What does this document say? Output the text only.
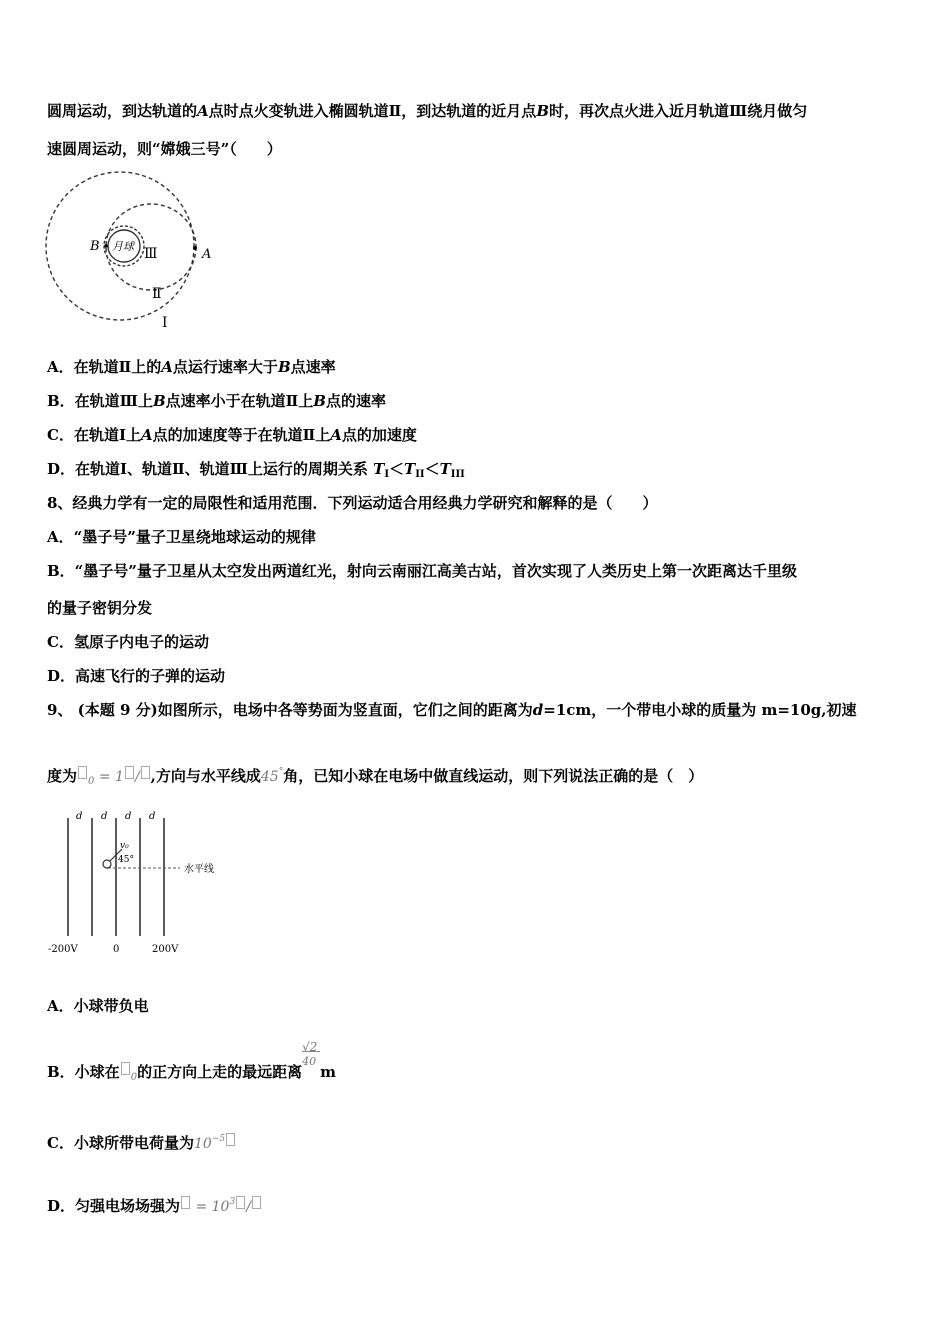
圆周运动，到达轨道的A点时点火变轨进入椭圆轨道Ⅱ，到达轨道的近月点B时，再次点火进入近月轨道Ⅲ绕月做匀
速圆周运动，则“嫦娥三号”（　　）
月球
B
A
Ⅲ
Ⅱ
Ⅰ
A．在轨道Ⅱ上的A点运行速率大于B点速率
B．在轨道Ⅲ上B点速率小于在轨道Ⅱ上B点的速率
C．在轨道Ⅰ上A点的加速度等于在轨道Ⅱ上A点的加速度
D．在轨道Ⅰ、轨道Ⅱ、轨道Ⅲ上运行的周期关系 $T_I<T_{II}<T_{III}$
8、经典力学有一定的局限性和适用范围．下列运动适合用经典力学研究和解释的是（　　）
A．“墨子号”量子卫星绕地球运动的规律
B．“墨子号”量子卫星从太空发出两道红光，射向云南丽江高美古站，首次实现了人类历史上第一次距离达千里级
的量子密钥分发
C．氢原子内电子的运动
D．高速飞行的子弹的运动
9、 (本题 9 分)如图所示，电场中各等势面为竖直面，它们之间的距离为d=1cm，一个带电小球的质量为 m=10g,初速
度为 $_0$ = 1 / ,方向与水平线成45°角，已知小球在电场中做直线运动，则下列说法正确的是（　）
d d d d
水平线
v₀
45°
-200V	0	200V
A．小球带负电
B．小球在 $_0$的正方向上走的最远距离 $\frac{√2}{40}$ m
C．小球所带电荷量为$10^{-5}$
D．匀强电场场强为 = $10^3$ /
